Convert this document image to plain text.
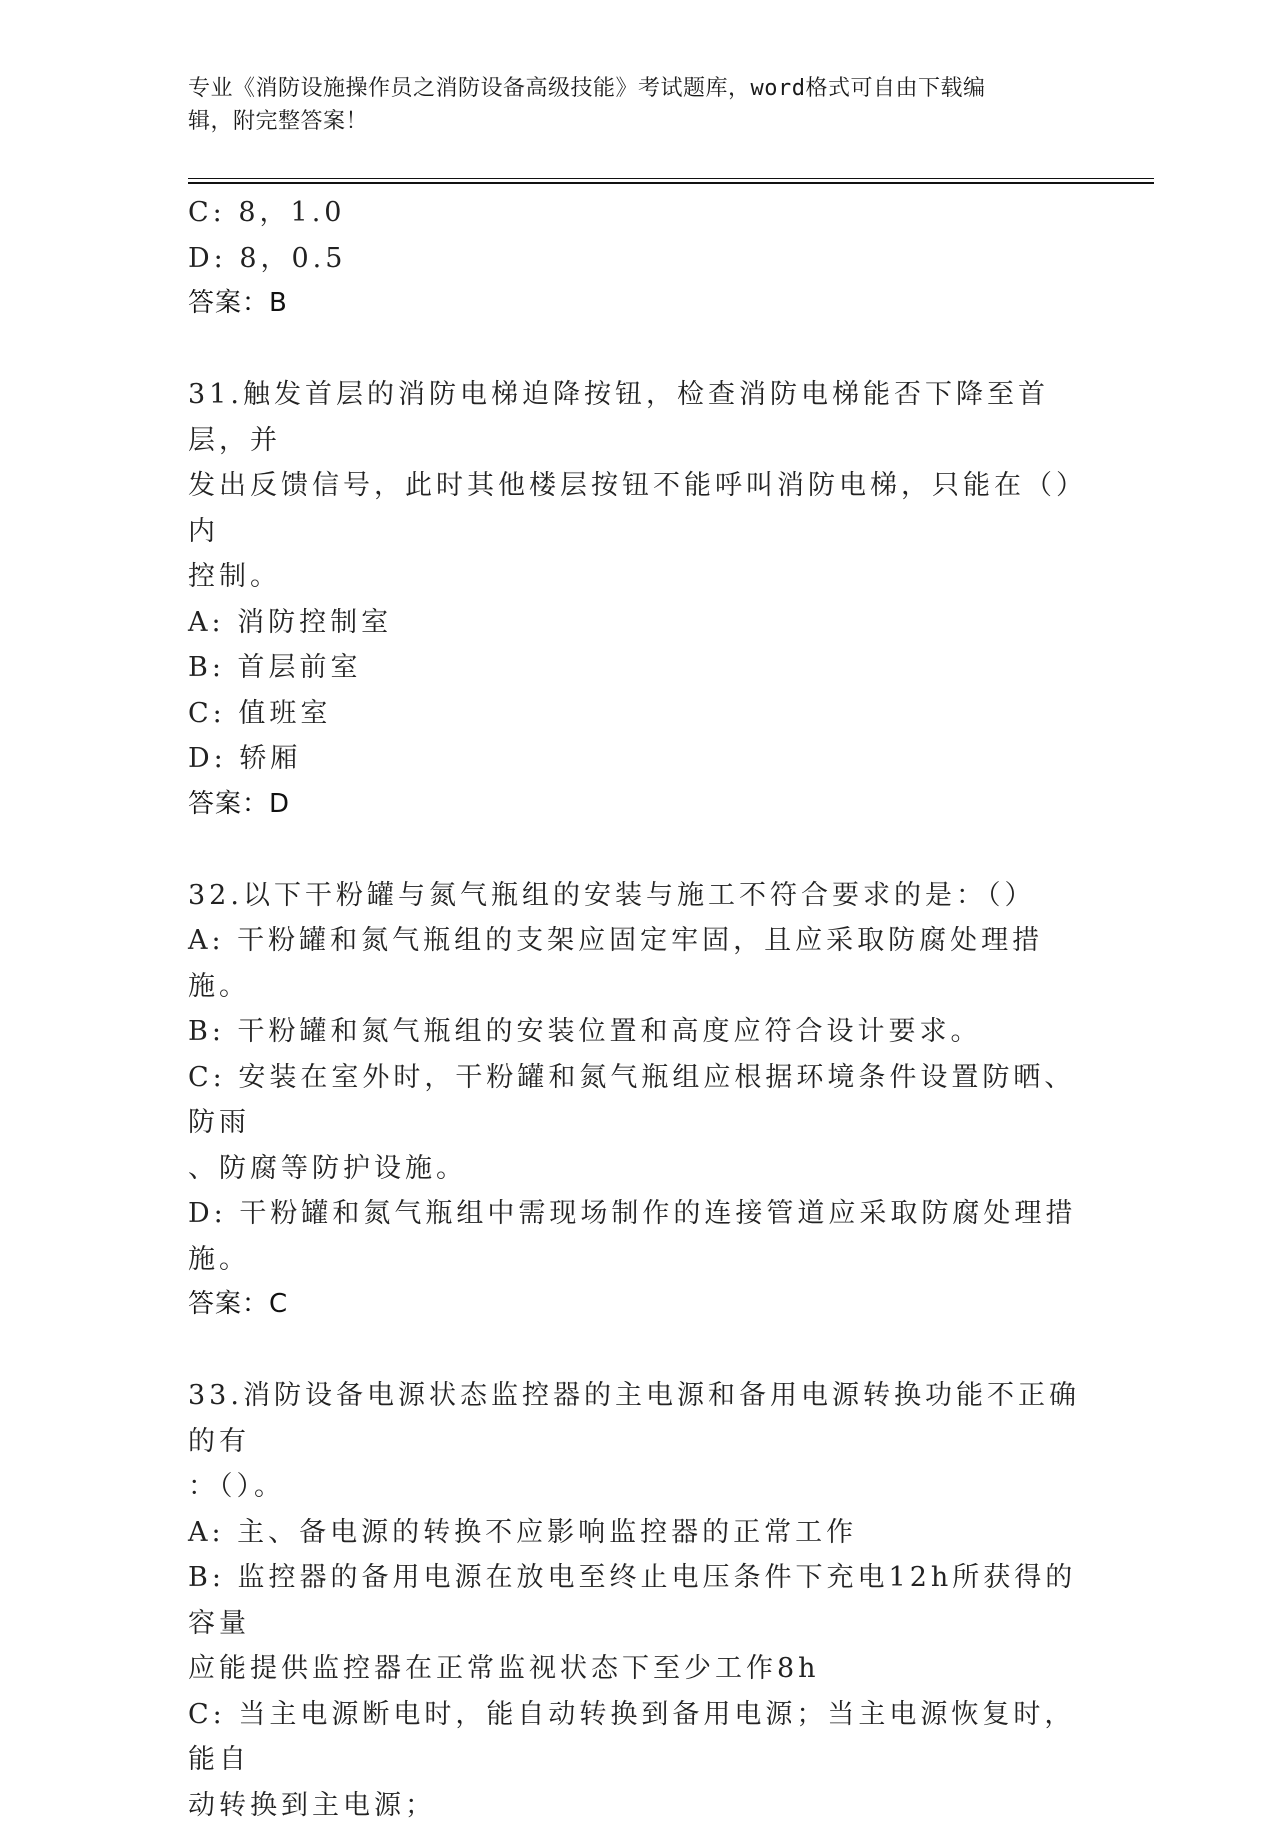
专业《消防设施操作员之消防设备高级技能》考试题库，word格式可自由下载编
辑，附完整答案！
C: 8，1.0
D: 8，0.5
答案：B
31.触发首层的消防电梯迫降按钮，检查消防电梯能否下降至首层，并
发出反馈信号，此时其他楼层按钮不能呼叫消防电梯，只能在（）内
控制。
A: 消防控制室
B: 首层前室
C: 值班室
D: 轿厢
答案：D
32.以下干粉罐与氮气瓶组的安装与施工不符合要求的是：（）
A: 干粉罐和氮气瓶组的支架应固定牢固，且应采取防腐处理措施。
B: 干粉罐和氮气瓶组的安装位置和高度应符合设计要求。
C: 安装在室外时，干粉罐和氮气瓶组应根据环境条件设置防晒、防雨
、防腐等防护设施。
D: 干粉罐和氮气瓶组中需现场制作的连接管道应采取防腐处理措施。
答案：C
33.消防设备电源状态监控器的主电源和备用电源转换功能不正确的有
：（）。
A: 主、备电源的转换不应影响监控器的正常工作
B: 监控器的备用电源在放电至终止电压条件下充电12h所获得的容量
应能提供监控器在正常监视状态下至少工作8h
C: 当主电源断电时，能自动转换到备用电源；当主电源恢复时，能自
动转换到主电源；
